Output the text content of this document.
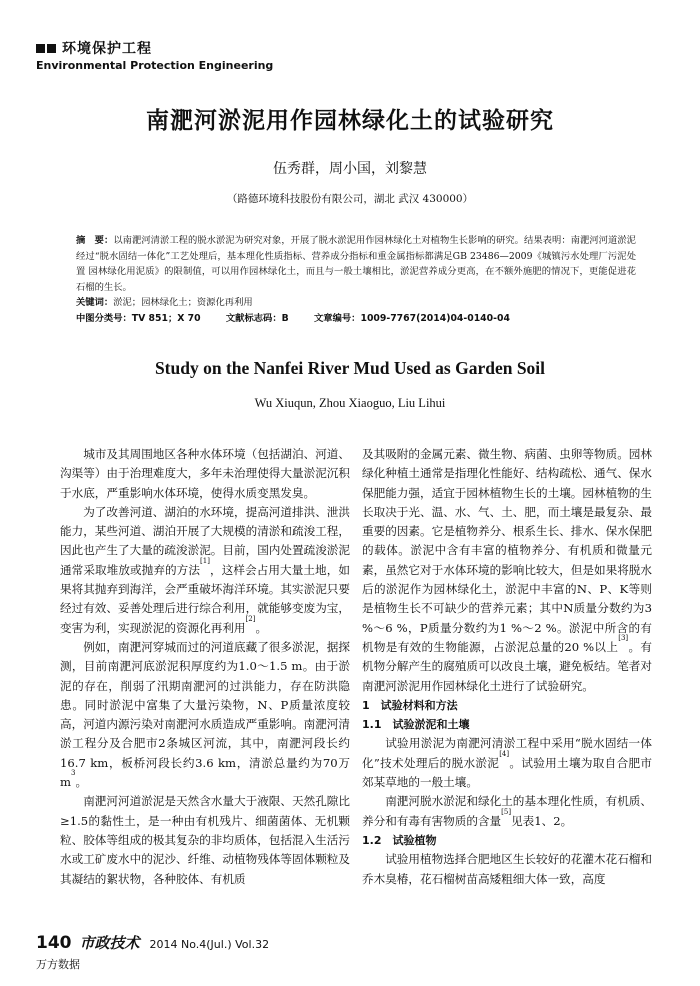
环境保护工程
Environmental Protection Engineering
南淝河淤泥用作园林绿化土的试验研究
伍秀群，周小国，刘黎慧
（路德环境科技股份有限公司，湖北 武汉 430000）

摘　要：以南淝河清淤工程的脱水淤泥为研究对象，开展了脱水淤泥用作园林绿化土对植物生长影响的研究。结果表明：南淝河河道淤泥经过“脱水固结一体化”工艺处理后，基本理化性质指标、营养成分指标和重金属指标都满足GB 23486—2009《城镇污水处理厂污泥处置 园林绿化用泥质》的限制值，可以用作园林绿化土，而且与一般土壤相比，淤泥营养成分更高，在不额外施肥的情况下，更能促进花石榴的生长。

关键词：淤泥；园林绿化土；资源化再利用

中图分类号：TV 851；X 70	文献标志码：B	文章编号：1009-7767(2014)04-0140-04

Study on the Nanfei River Mud Used as Garden Soil
Wu Xiuqun, Zhou Xiaoguo, Liu Lihui

城市及其周围地区各种水体环境（包括湖泊、河道、沟渠等）由于治理难度大，多年未治理使得大量淤泥沉积于水底，严重影响水体环境，使得水质变黑发臭。

为了改善河道、湖泊的水环境，提高河道排洪、泄洪能力，某些河道、湖泊开展了大规模的清淤和疏浚工程，因此也产生了大量的疏浚淤泥。目前，国内处置疏浚淤泥通常采取堆放或抛弃的方法[1]，这样会占用大量土地，如果将其抛弃到海洋，会严重破坏海洋环境。其实淤泥只要经过有效、妥善处理后进行综合利用，就能够变废为宝，变害为利，实现淤泥的资源化再利用[2]。

例如，南淝河穿城而过的河道底藏了很多淤泥，据探测，目前南淝河底淤泥积厚度约为1.0～1.5 m。由于淤泥的存在，削弱了汛期南淝河的过洪能力，存在防洪隐患。同时淤泥中富集了大量污染物，N、P质量浓度较高，河道内源污染对南淝河水质造成严重影响。南淝河清淤工程分及合肥市2条城区河流，其中，南淝河段长约16.7 km，板桥河段长约3.6 km，清淤总量约为70万$m^3$。

南淝河河道淤泥是天然含水量大于液限、天然孔隙比≥1.5的黏性土，是一种由有机残片、细菌菌体、无机颗粒、胶体等组成的极其复杂的非均质体，包括混入生活污水或工矿废水中的泥沙、纤维、动植物残体等固体颗粒及其凝结的絮状物，各种胶体、有机质

及其吸附的金属元素、微生物、病菌、虫卵等物质。园林绿化种植土通常是指理化性能好、结构疏松、通气、保水保肥能力强，适宜于园林植物生长的土壤。园林植物的生长取决于光、温、水、气、土、肥，而土壤是最复杂、最重要的因素。它是植物养分、根系生长、排水、保水保肥的载体。淤泥中含有丰富的植物养分、有机质和微量元素，虽然它对于水体环境的影响比较大，但是如果将脱水后的淤泥作为园林绿化土，淤泥中丰富的N、P、K等则是植物生长不可缺少的营养元素；其中N质量分数约为3 %～6 %，P质量分数约为1 %～2 %。淤泥中所含的有机物是有效的生物能源，占淤泥总量的20 %以上[3]。有机物分解产生的腐殖质可以改良土壤，避免板结。笔者对南淝河淤泥用作园林绿化土进行了试验研究。

1　试验材料和方法

1.1　试验淤泥和土壤

试验用淤泥为南淝河清淤工程中采用“脱水固结一体化”技术处理后的脱水淤泥[4]。试验用土壤为取自合肥市郊某草地的一般土壤。

南淝河脱水淤泥和绿化土的基本理化性质，有机质、养分和有毒有害物质的含量[5]见表1、2。

1.2　试验植物

试验用植物选择合肥地区生长较好的花灌木花石榴和乔木臭椿，花石榴树苗高矮粗细大体一致，高度

140 市政技术 2014 No.4(Jul.) Vol.32
万方数据
